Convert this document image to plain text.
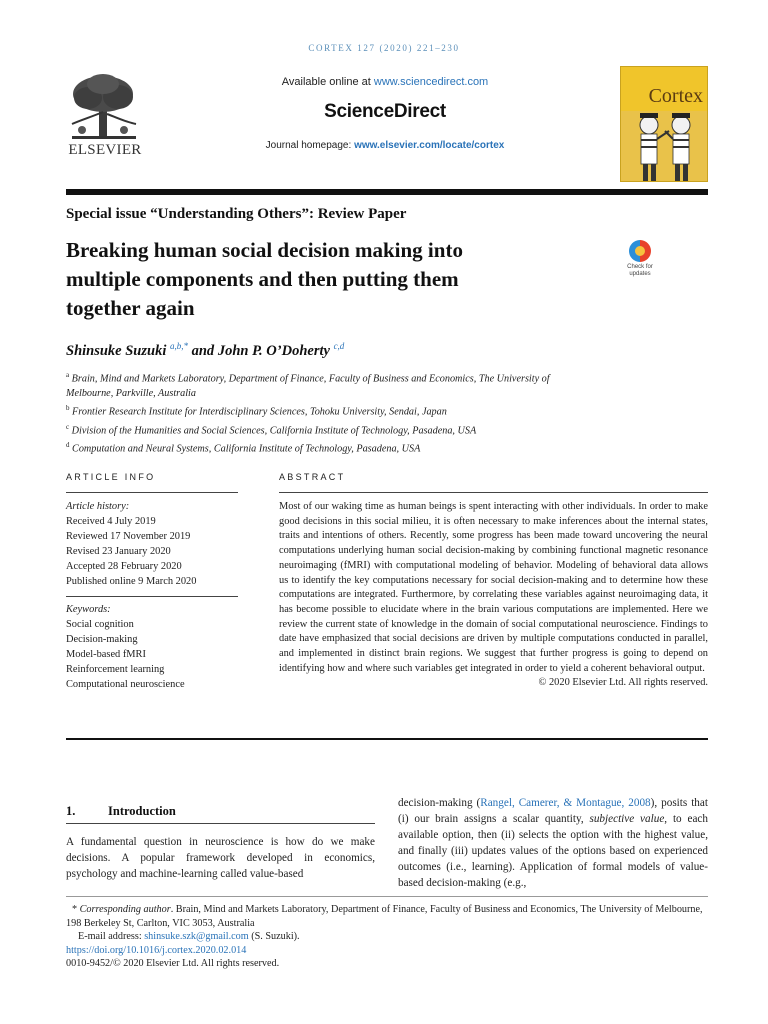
CORTEX 127 (2020) 221–230
ELSEVIER
Available online at www.sciencedirect.com
ScienceDirect
Journal homepage: www.elsevier.com/locate/cortex
Cortex
Special issue “Understanding Others”: Review Paper
Breaking human social decision making into
multiple components and then putting them
together again
Check for
updates
Shinsuke Suzuki $^{a,b,*}$ and John P. O’Doherty $^{c,d}$
$^a$ Brain, Mind and Markets Laboratory, Department of Finance, Faculty of Business and Economics, The University of
Melbourne, Parkville, Australia
$^b$ Frontier Research Institute for Interdisciplinary Sciences, Tohoku University, Sendai, Japan
$^c$ Division of the Humanities and Social Sciences, California Institute of Technology, Pasadena, USA
$^d$ Computation and Neural Systems, California Institute of Technology, Pasadena, USA
ARTICLE INFO
Article history:
Received 4 July 2019
Reviewed 17 November 2019
Revised 23 January 2020
Accepted 28 February 2020
Published online 9 March 2020
Keywords:
Social cognition
Decision-making
Model-based fMRI
Reinforcement learning
Computational neuroscience
ABSTRACT
Most of our waking time as human beings is spent interacting with other individuals. In order to make good decisions in this social milieu, it is often necessary to make inferences about the internal states, traits and intentions of others. Recently, some progress has been made toward uncovering the neural computations underlying human social decision-making by combining functional magnetic resonance neuroimaging (fMRI) with computational modeling of behavior. Modeling of behavioral data allows us to identify the key computations necessary for social decision-making and to determine how these computations are integrated. Furthermore, by correlating these variables against neuroimaging data, it has become possible to elucidate where in the brain various computations are implemented. Here we review the current state of knowledge in the domain of social computational neuroscience. Findings to date have emphasized that social decisions are driven by multiple computations conducted in parallel, and implemented in distinct brain regions. We suggest that further progress is going to depend on identifying how and where such variables get integrated in order to yield a coherent behavioral output.
© 2020 Elsevier Ltd. All rights reserved.
1.	Introduction
A fundamental question in neuroscience is how do we make decisions. A popular framework developed in economics, psychology and machine-learning called value-based
decision-making (Rangel, Camerer, & Montague, 2008), posits that (i) our brain assigns a scalar quantity, subjective value, to each available option, then (ii) selects the option with the highest value, and finally (iii) updates values of the options based on experienced outcomes (i.e., learning). Application of formal models of value-based decision-making (e.g.,
* Corresponding author. Brain, Mind and Markets Laboratory, Department of Finance, Faculty of Business and Economics, The University of Melbourne, 198 Berkeley St, Carlton, VIC 3053, Australia
E-mail address: shinsuke.szk@gmail.com (S. Suzuki).
https://doi.org/10.1016/j.cortex.2020.02.014
0010-9452/© 2020 Elsevier Ltd. All rights reserved.
